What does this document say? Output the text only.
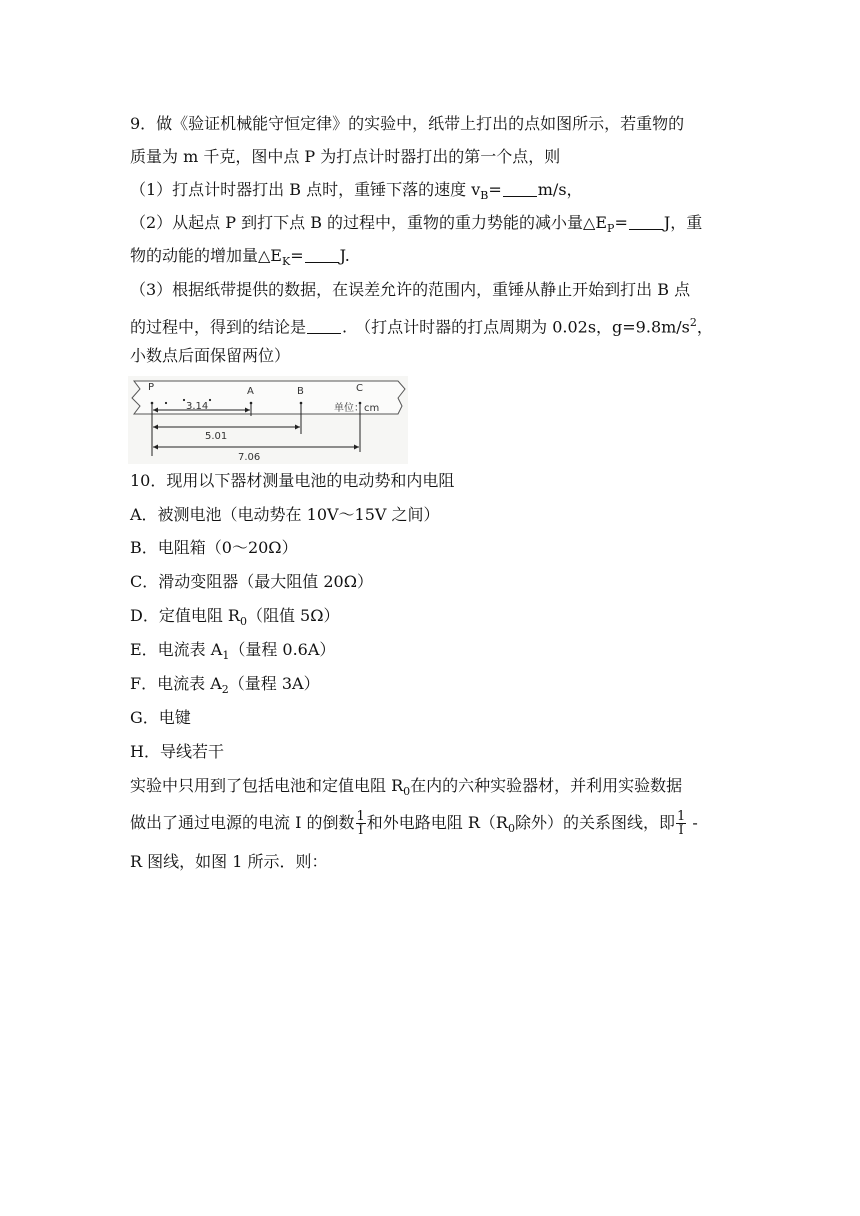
9．做《验证机械能守恒定律》的实验中，纸带上打出的点如图所示，若重物的
质量为 m 千克，图中点 P 为打点计时器打出的第一个点，则
（1）打点计时器打出 B 点时，重锤下落的速度 $v_B= m/s$，
（2）从起点 P 到打下点 B 的过程中，重物的重力势能的减小量$\triangle E_P= J$，重
物的动能的增加量$\triangle E_K= J$.
（3）根据纸带提供的数据，在误差允许的范围内，重锤从静止开始到打出 B 点
的过程中，得到的结论是 .　（打点计时器的打点周期为 0.02s，$g=9.8m/s^2$，
小数点后面保留两位）
P	A	B	C
单位：cm
3.14
5.01
7.06
10．现用以下器材测量电池的电动势和内电阻
A．被测电池（电动势在 10V～15V 之间）
B．电阻箱（0～20Ω）
C．滑动变阻器（最大阻值 20Ω）
D．定值电阻 $R_0$（阻值 5Ω）
E．电流表 $A_1$（量程 0.6A）
F．电流表 $A_2$（量程 3A）
G．电键
H．导线若干
实验中只用到了包括电池和定值电阻 $R_0$在内的六种实验器材，并利用实验数据
做出了通过电源的电流 I 的倒数 $\frac{1}{I}$ 和外电路电阻 $R(R_0$除外）的关系图线，即 $\frac{1}{I}$ -
R 图线，如图 1 所示．则：
